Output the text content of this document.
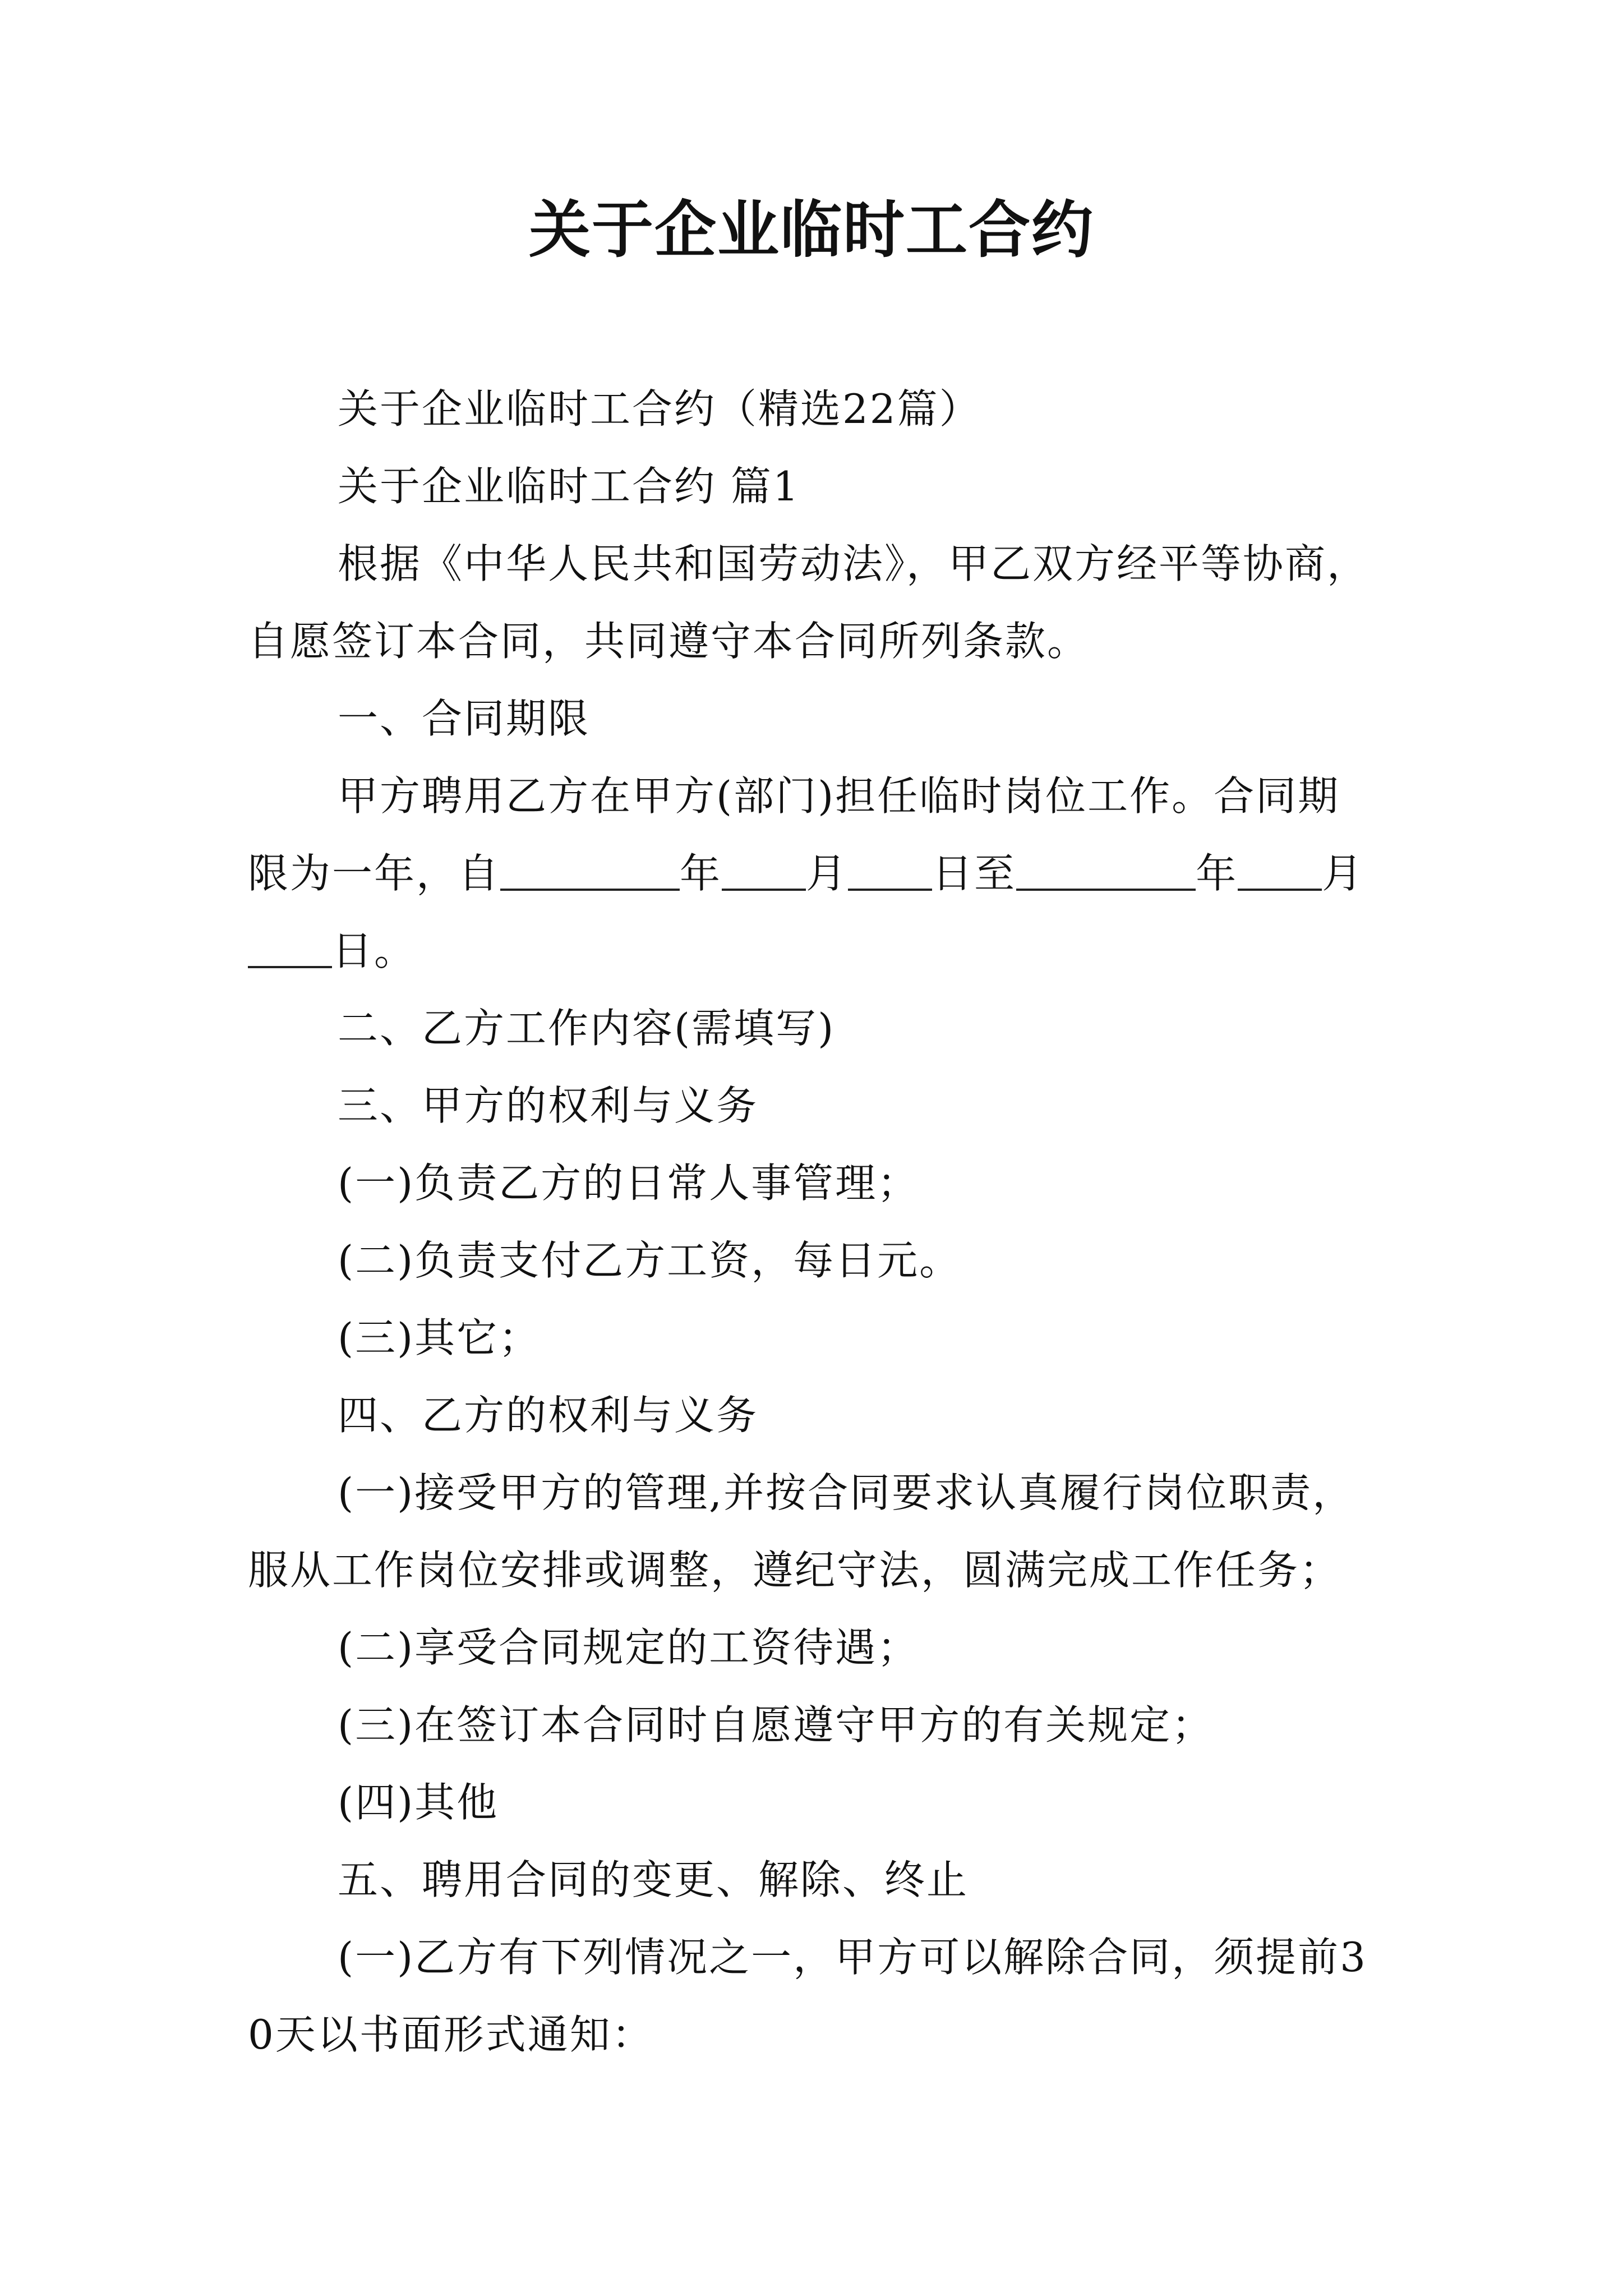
关于企业临时工合约

关于企业临时工合约（精选22篇）

关于企业临时工合约 篇1

根据《中华人民共和国劳动法》，甲乙双方经平等协商，自愿签订本合同，共同遵守本合同所列条款。

一、合同期限

甲方聘用乙方在甲方(部门)担任临时岗位工作。合同期限为一年，自	年 月 日至	年 月日。

二、乙方工作内容(需填写)

三、甲方的权利与义务

(一)负责乙方的日常人事管理；

(二)负责支付乙方工资，每日元。

(三)其它；

四、乙方的权利与义务

(一)接受甲方的管理,并按合同要求认真履行岗位职责，服从工作岗位安排或调整，遵纪守法，圆满完成工作任务；

(二)享受合同规定的工资待遇；

(三)在签订本合同时自愿遵守甲方的有关规定；

(四)其他

五、聘用合同的变更、解除、终止

(一)乙方有下列情况之一，甲方可以解除合同，须提前30天以书面形式通知：
